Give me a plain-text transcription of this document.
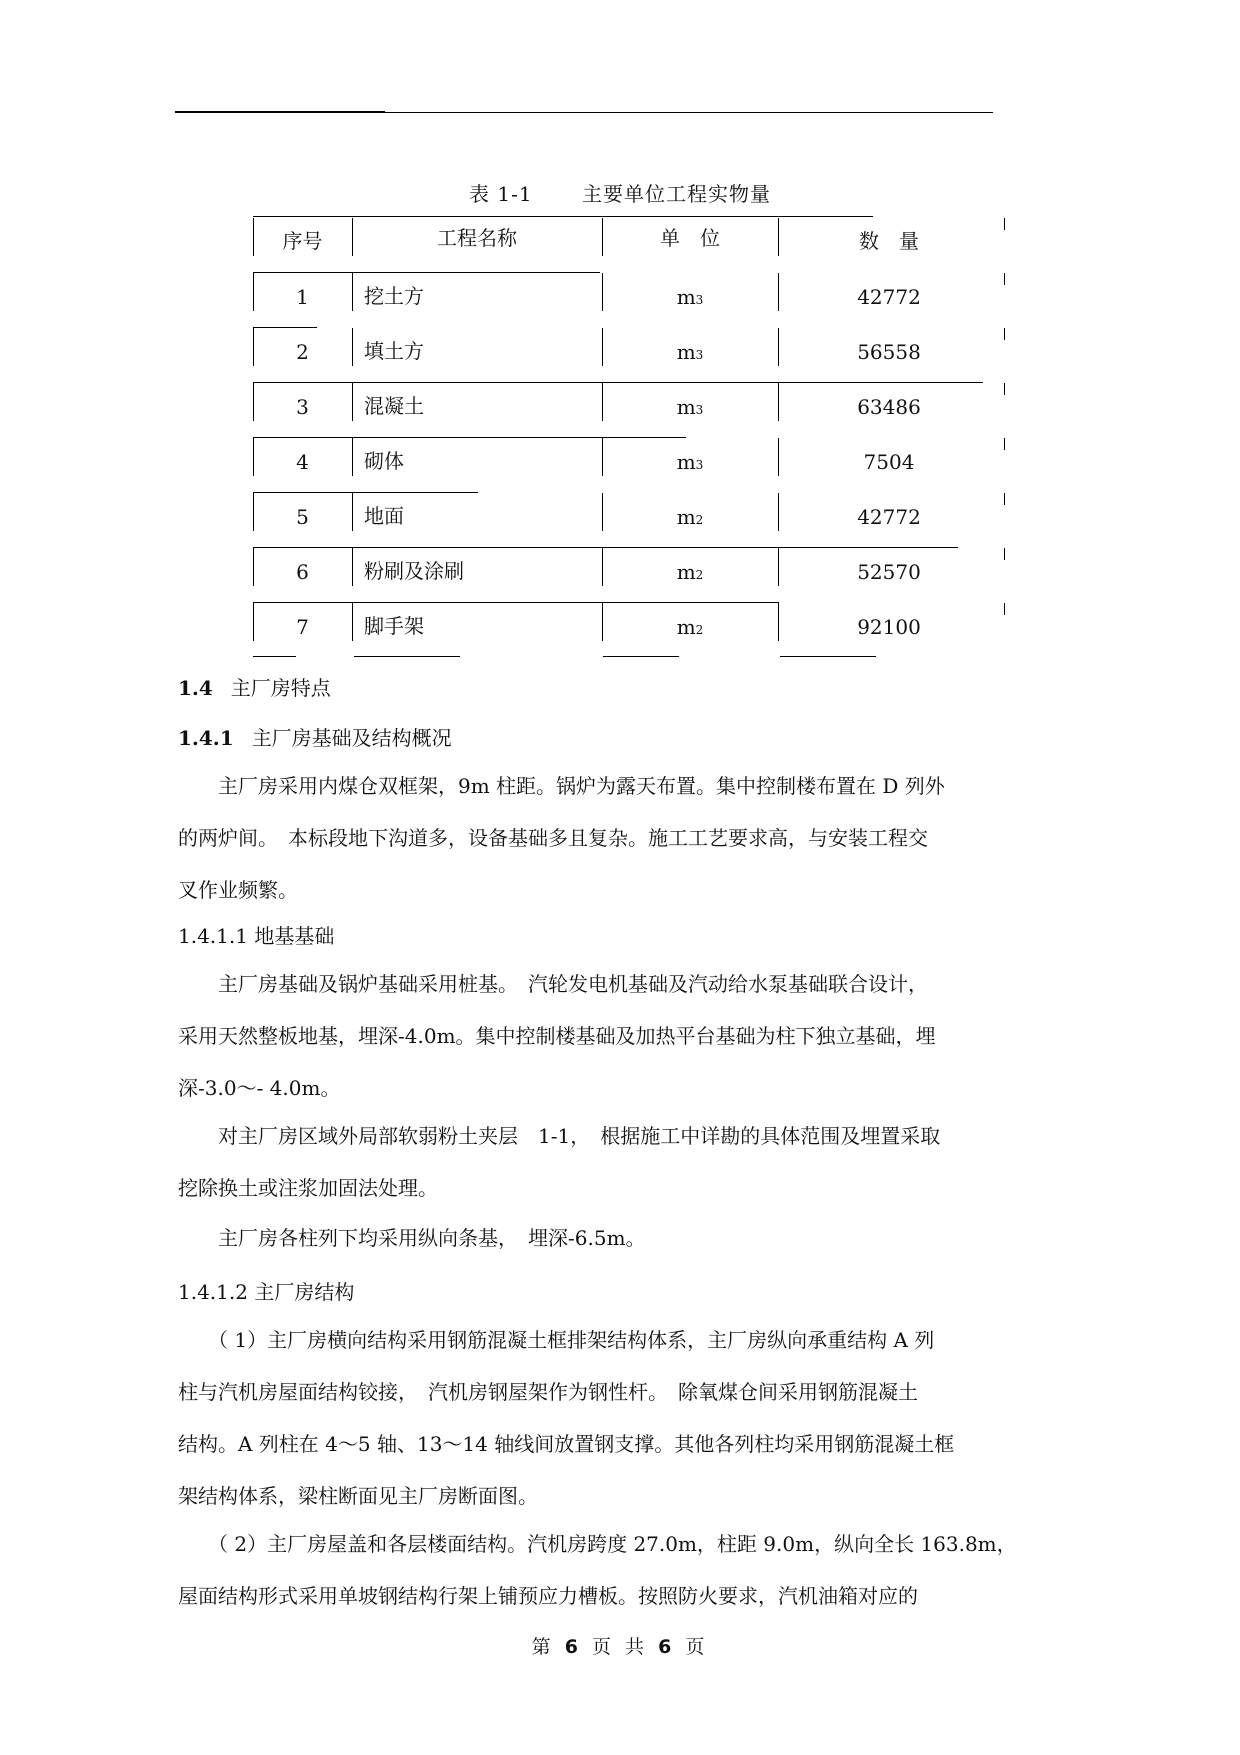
表 1-1 主要单位工程实物量
序号	工程名称	单　位	数　量
1	挖土方	m3	42772
2	填土方	m3	56558
3	混凝土	m3	63486
4	砌体	m3	7504
5	地面	m2	42772
6	粉刷及涂刷	m2	52570
7	脚手架	m2	92100
1.4 主厂房特点
1.4.1 主厂房基础及结构概况
　　主厂房采用内煤仓双框架，9m 柱距。锅炉为露天布置。集中控制楼布置在 D 列外
的两炉间。　本标段地下沟道多，设备基础多且复杂。施工工艺要求高，与安装工程交
叉作业频繁。
1.4.1.1 地基基础
　　主厂房基础及锅炉基础采用桩基。　汽轮发电机基础及汽动给水泵基础联合设计，
采用天然整板地基，埋深-4.0m。集中控制楼基础及加热平台基础为柱下独立基础，埋
深-3.0～- 4.0m。
　　对主厂房区域外局部软弱粉土夹层　1-1，　根据施工中详勘的具体范围及埋置采取
挖除换土或注浆加固法处理。
　　主厂房各柱列下均采用纵向条基，　埋深-6.5m。
1.4.1.2 主厂房结构
　　（ 1）主厂房横向结构采用钢筋混凝土框排架结构体系，主厂房纵向承重结构 A 列
柱与汽机房屋面结构铰接，　汽机房钢屋架作为钢性杆。　除氧煤仓间采用钢筋混凝土
结构。A 列柱在 4～5 轴、13～14 轴线间放置钢支撑。其他各列柱均采用钢筋混凝土框
架结构体系，梁柱断面见主厂房断面图。
　　（ 2）主厂房屋盖和各层楼面结构。汽机房跨度 27.0m，柱距 9.0m，纵向全长 163.8m，
屋面结构形式采用单坡钢结构行架上铺预应力槽板。按照防火要求，汽机油箱对应的
第 6 页 共 6 页
